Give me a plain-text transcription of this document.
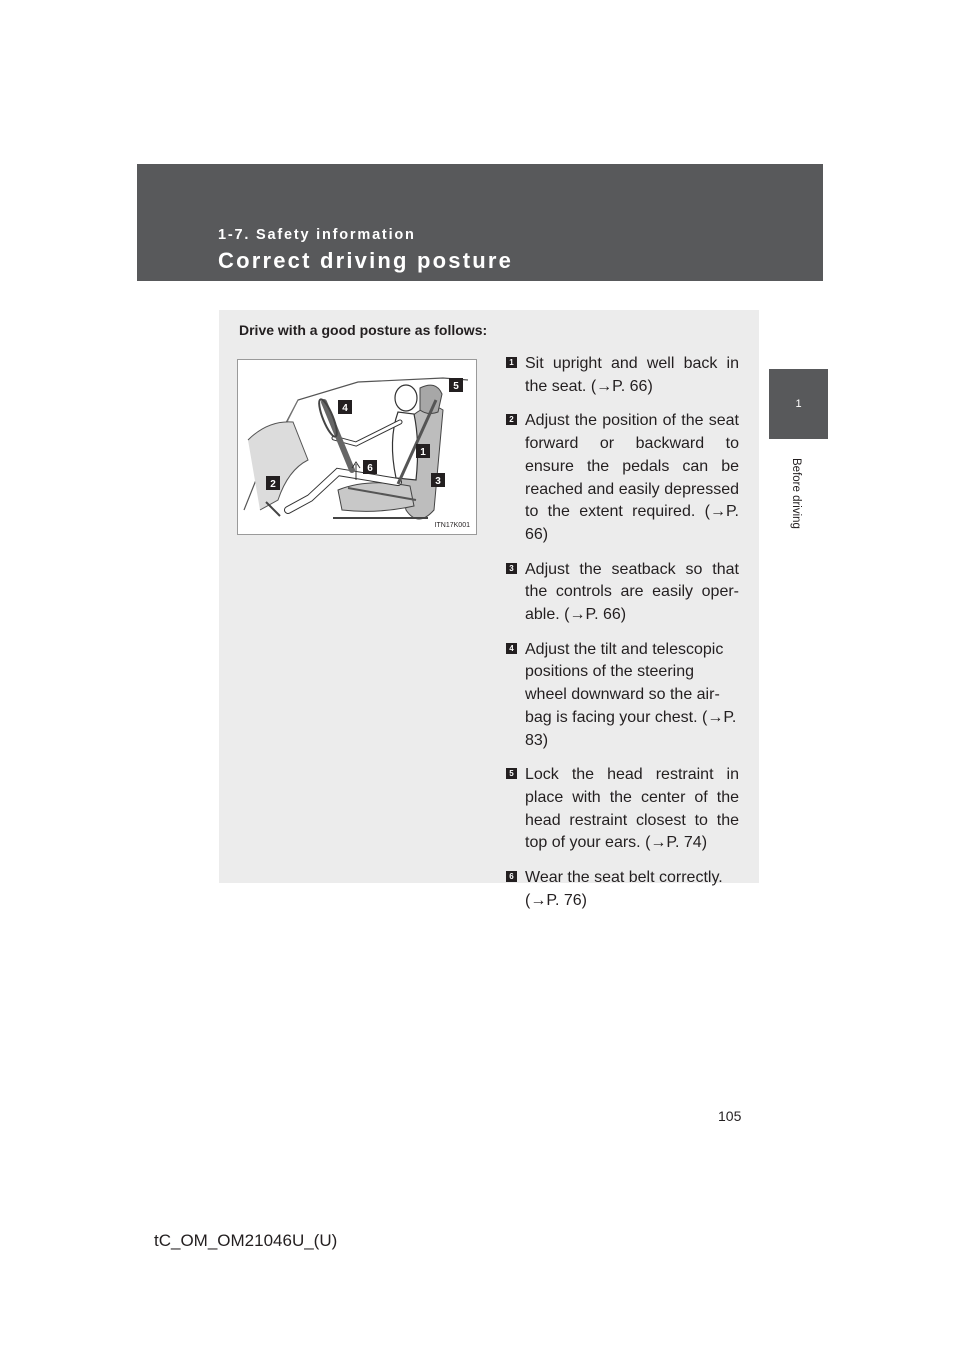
1-7. Safety information

Correct driving posture
1
Before driving

Drive with a good posture as follows:

5
4
1
6
3
2
ITN17K001
1 Sit upright and well back in the seat. (→P. 66)
2 Adjust the position of the seat forward or backward to ensure the pedals can be reached and easily depressed to the extent required. (→P. 66)
3 Adjust the seatback so that the controls are easily oper-able. (→P. 66)
4 Adjust the tilt and telescopic positions of the steering wheel downward so the air-bag is facing your chest. (→P. 83)
5 Lock the head restraint in place with the center of the head restraint closest to the top of your ears. (→P. 74)
6 Wear the seat belt correctly. (→P. 76)
105
tC_OM_OM21046U_(U)
